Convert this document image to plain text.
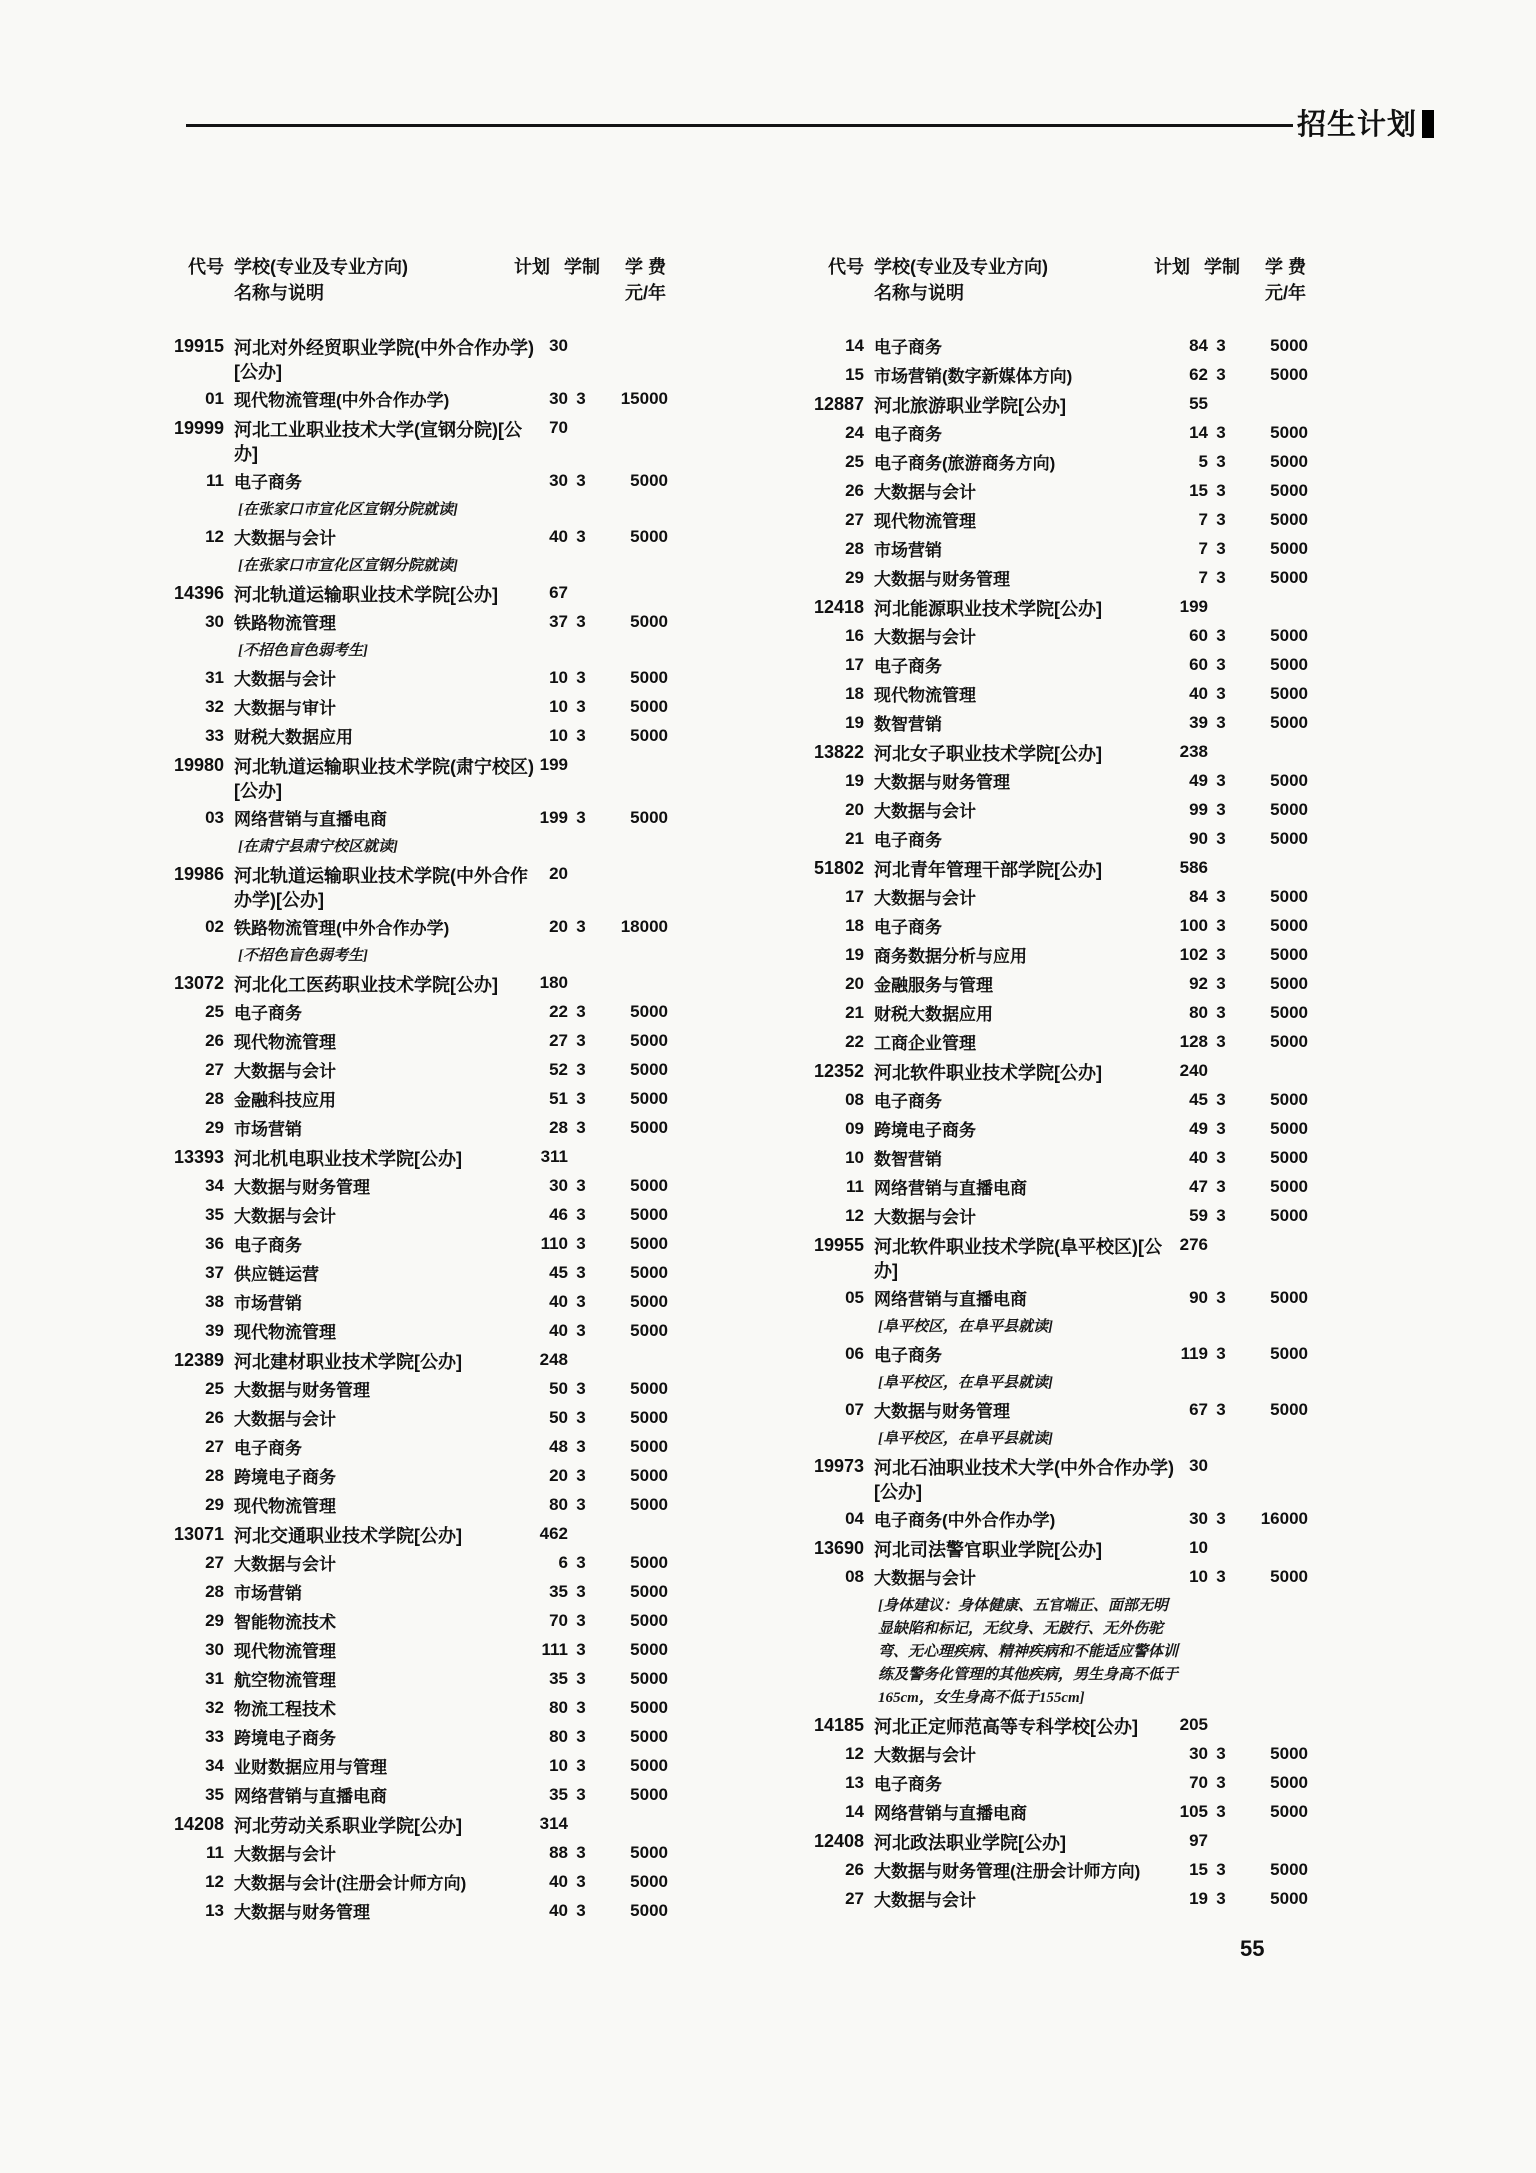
招生计划
代号 学校(专业及专业方向)
名称与说明
计划 学制	学 费
元/年
19915 河北对外经贸职业学院(中外合作办学)[公办]
30
01 现代物流管理(中外合作办学)	30 3	15000
19999 河北工业职业技术大学(宣钢分院)[公办]
70
11 电子商务	30 3	5000
[在张家口市宣化区宣钢分院就读]
12 大数据与会计	40 3	5000
[在张家口市宣化区宣钢分院就读]
14396 河北轨道运输职业技术学院[公办]	67
30 铁路物流管理	37 3	5000
[不招色盲色弱考生]
31 大数据与会计	10 3	5000
32 大数据与审计	10 3	5000
33 财税大数据应用	10 3	5000
19980 河北轨道运输职业技术学院(肃宁校区)[公办]
199
03 网络营销与直播电商	199 3	5000
[在肃宁县肃宁校区就读]
19986 河北轨道运输职业技术学院(中外合作办学)[公办]
20
02 铁路物流管理(中外合作办学)	20 3	18000
[不招色盲色弱考生]
13072 河北化工医药职业技术学院[公办]	180
25 电子商务	22 3	5000
26 现代物流管理	27 3	5000
27 大数据与会计	52 3	5000
28 金融科技应用	51 3	5000
29 市场营销	28 3	5000
13393 河北机电职业技术学院[公办]	311
34 大数据与财务管理	30 3	5000
35 大数据与会计	46 3	5000
36 电子商务	110 3	5000
37 供应链运营	45 3	5000
38 市场营销	40 3	5000
39 现代物流管理	40 3	5000
12389 河北建材职业技术学院[公办]	248
25 大数据与财务管理	50 3	5000
26 大数据与会计	50 3	5000
27 电子商务	48 3	5000
28 跨境电子商务	20 3	5000
29 现代物流管理	80 3	5000
13071 河北交通职业技术学院[公办]	462
27 大数据与会计	6 3	5000
28 市场营销	35 3	5000
29 智能物流技术	70 3	5000
30 现代物流管理	111 3	5000
31 航空物流管理	35 3	5000
32 物流工程技术	80 3	5000
33 跨境电子商务	80 3	5000
34 业财数据应用与管理	10 3	5000
35 网络营销与直播电商	35 3	5000
14208 河北劳动关系职业学院[公办]	314
11 大数据与会计	88 3	5000
12 大数据与会计(注册会计师方向)	40 3	5000
13 大数据与财务管理	40 3	5000
代号 学校(专业及专业方向)
名称与说明
计划 学制	学 费
元/年
14 电子商务	84 3	5000
15 市场营销(数字新媒体方向)	62 3	5000
12887 河北旅游职业学院[公办]	55
24 电子商务	14 3	5000
25 电子商务(旅游商务方向)	5 3	5000
26 大数据与会计	15 3	5000
27 现代物流管理	7 3	5000
28 市场营销	7 3	5000
29 大数据与财务管理	7 3	5000
12418 河北能源职业技术学院[公办]	199
16 大数据与会计	60 3	5000
17 电子商务	60 3	5000
18 现代物流管理	40 3	5000
19 数智营销	39 3	5000
13822 河北女子职业技术学院[公办]	238
19 大数据与财务管理	49 3	5000
20 大数据与会计	99 3	5000
21 电子商务	90 3	5000
51802 河北青年管理干部学院[公办]	586
17 大数据与会计	84 3	5000
18 电子商务	100 3	5000
19 商务数据分析与应用	102 3	5000
20 金融服务与管理	92 3	5000
21 财税大数据应用	80 3	5000
22 工商企业管理	128 3	5000
12352 河北软件职业技术学院[公办]	240
08 电子商务	45 3	5000
09 跨境电子商务	49 3	5000
10 数智营销	40 3	5000
11 网络营销与直播电商	47 3	5000
12 大数据与会计	59 3	5000
19955 河北软件职业技术学院(阜平校区)[公办]
276
05 网络营销与直播电商	90 3	5000
[阜平校区，在阜平县就读]
06 电子商务	119 3	5000
[阜平校区，在阜平县就读]
07 大数据与财务管理	67 3	5000
[阜平校区，在阜平县就读]
19973 河北石油职业技术大学(中外合作办学)[公办]
30
04 电子商务(中外合作办学)	30 3	16000
13690 河北司法警官职业学院[公办]	10
08 大数据与会计	10 3	5000
[身体建议：身体健康、五官端正、面部无明显缺陷和标记，无纹身、无跛行、无外伤驼弯、无心理疾病、精神疾病和不能适应警体训练及警务化管理的其他疾病，男生身高不低于165cm，女生身高不低于155cm]
14185 河北正定师范高等专科学校[公办]	205
12 大数据与会计	30 3	5000
13 电子商务	70 3	5000
14 网络营销与直播电商	105 3	5000
12408 河北政法职业学院[公办]	97
26 大数据与财务管理(注册会计师方向)	15 3	5000
27 大数据与会计	19 3	5000
55
